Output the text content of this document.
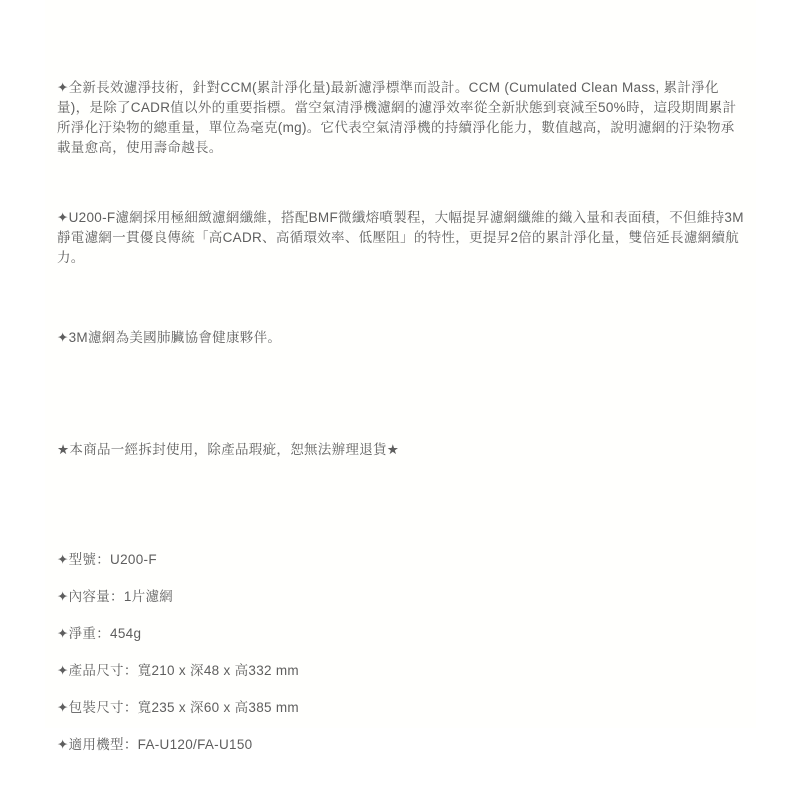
✦全新長效濾淨技術，針對CCM(累計淨化量)最新濾淨標準而設計。CCM (Cumulated Clean Mass, 累計淨化量)，是除了CADR值以外的重要指標。當空氣清淨機濾網的濾淨效率從全新狀態到衰減至50%時，這段期間累計所淨化汙染物的總重量，單位為毫克(mg)。它代表空氣清淨機的持續淨化能力，數值越高，說明濾網的汙染物承載量愈高，使用壽命越長。

✦U200-F濾網採用極細緻濾網纖維，搭配BMF微纖熔噴製程，大幅提昇濾網纖維的織入量和表面積，不但維持3M靜電濾網一貫優良傳統「高CADR、高循環效率、低壓阻」的特性，更提昇2倍的累計淨化量，雙倍延長濾網續航力。

✦3M濾網為美國肺臟協會健康夥伴。

★本商品一經拆封使用，除產品瑕疵，恕無法辦理退貨★

✦型號：U200-F
✦內容量：1片濾網
✦淨重：454g
✦產品尺寸：寬210 x 深48 x 高332 mm
✦包裝尺寸：寬235 x 深60 x 高385 mm
✦適用機型：FA-U120/FA-U150
